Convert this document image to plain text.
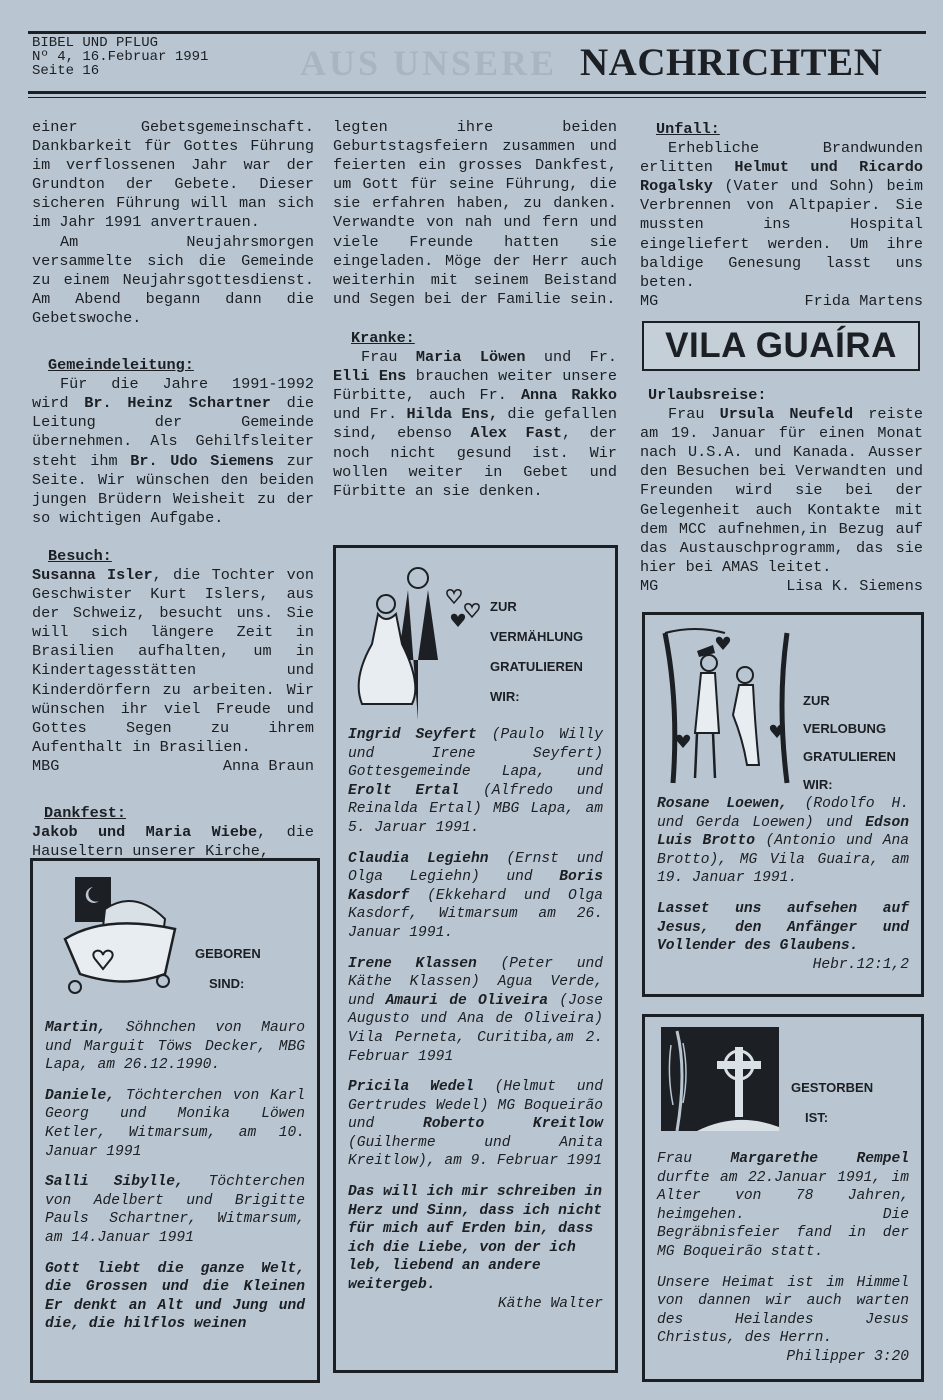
BIBEL UND PFLUG
Nº 4, 16.Februar 1991
Seite 16	AUS UNSERE NACHRICHTEN

einer Gebetsgemeinschaft. Dankbarkeit für Gottes Führung im verflossenen Jahr war der Grundton der Gebete. Dieser sicheren Führung will man sich im Jahr 1991 anvertrauen.

Am Neujahrsmorgen versammelte sich die Gemeinde zu einem Neujahrsgottesdienst. Am Abend begann dann die Gebetswoche.

Gemeindeleitung:

Für die Jahre 1991-1992 wird Br. Heinz Schartner die Leitung der Gemeinde übernehmen. Als Gehilfsleiter steht ihm Br. Udo Siemens zur Seite. Wir wünschen den beiden jungen Brüdern Weisheit zu der so wichtigen Aufgabe.

Besuch:

Susanna Isler, die Tochter von Geschwister Kurt Islers, aus der Schweiz, besucht uns. Sie will sich längere Zeit in Brasilien aufhalten, um in Kindertagesstätten und Kinderdörfern zu arbeiten. Wir wünschen ihr viel Freude und Gottes Segen zu ihrem Aufenthalt in Brasilien.

MBG	Anna Braun
Dankfest:

Jakob und Maria Wiebe, die Hauseltern unserer Kirche,

legten ihre beiden Geburtstagsfeiern zusammen und feierten ein grosses Dankfest, um Gott für seine Führung, die sie erfahren haben, zu danken. Verwandte von nah und fern und viele Freunde hatten sie eingeladen. Möge der Herr auch weiterhin mit seinem Beistand und Segen bei der Familie sein.

Kranke:

Frau Maria Löwen und Fr. Elli Ens brauchen weiter unsere Fürbitte, auch Fr. Anna Rakko und Fr. Hilda Ens, die gefallen sind, ebenso Alex Fast, der noch nicht gesund ist. Wir wollen weiter in Gebet und Fürbitte an sie denken.

Unfall:

Erhebliche Brandwunden erlitten Helmut und Ricardo Rogalsky (Vater und Sohn) beim Verbrennen von Altpapier. Sie mussten ins Hospital eingeliefert werden. Um ihre baldige Genesung lasst uns beten.

MG	Frida Martens
VILA GUAÍRA
Urlaubsreise:

Frau Ursula Neufeld reiste am 19. Januar für einen Monat nach U.S.A. und Kanada. Ausser den Besuchen bei Verwandten und Freunden wird sie bei der Gelegenheit auch Kontakte mit dem MCC aufnehmen,in Bezug auf das Austauschprogramm, das sie hier bei AMAS leitet.

MG	Lisa K. Siemens
GEBOREN
SIND:

Martin, Söhnchen von Mauro und Marguit Töws Decker, MBG Lapa, am 26.12.1990.

Daniele, Töchterchen von Karl Georg und Monika Löwen Ketler, Witmarsum, am 10. Januar 1991

Salli Sibylle, Töchterchen von Adelbert und Brigitte Pauls Schartner, Witmarsum, am 14.Januar 1991

Gott liebt die ganze Welt, die Grossen und die Kleinen Er denkt an Alt und Jung und die, die hilflos weinen

ZUR
VERMÄHLUNG
GRATULIEREN
WIR:

Ingrid Seyfert (Paulo Willy und Irene Seyfert) Gottesgemeinde Lapa, und Erolt Ertal (Alfredo und Reinalda Ertal) MBG Lapa, am 5. Jaruar 1991.

Claudia Legiehn (Ernst und Olga Legiehn) und Boris Kasdorf (Ekkehard und Olga Kasdorf, Witmarsum am 26. Januar 1991.

Irene Klassen (Peter und Käthe Klassen) Agua Verde, und Amauri de Oliveira (Jose Augusto und Ana de Oliveira) Vila Perneta, Curitiba,am 2. Februar 1991

Pricila Wedel (Helmut und Gertrudes Wedel) MG Boqueirão und Roberto Kreitlow (Guilherme und Anita Kreitlow), am 9. Februar 1991

Das will ich mir schreiben in Herz und Sinn, dass ich nicht für mich auf Erden bin, dass ich die Liebe, von der ich leb, liebend an andere weitergeb.

Käthe Walter
ZUR
VERLOBUNG
GRATULIEREN
WIR:

Rosane Loewen, (Rodolfo H. und Gerda Loewen) und Edson Luis Brotto (Antonio und Ana Brotto), MG Vila Guaira, am 19. Januar 1991.

Lasset uns aufsehen auf Jesus, den Anfänger und Vollender des Glaubens.

Hebr.12:1,2
GESTORBEN
IST:

Frau Margarethe Rempel durfte am 22.Januar 1991, im Alter von 78 Jahren, heimgehen. Die Begräbnisfeier fand in der MG Boqueirão statt.

Unsere Heimat ist im Himmel von dannen wir auch warten des Heilandes Jesus Christus, des Herrn.

Philipper 3:20
